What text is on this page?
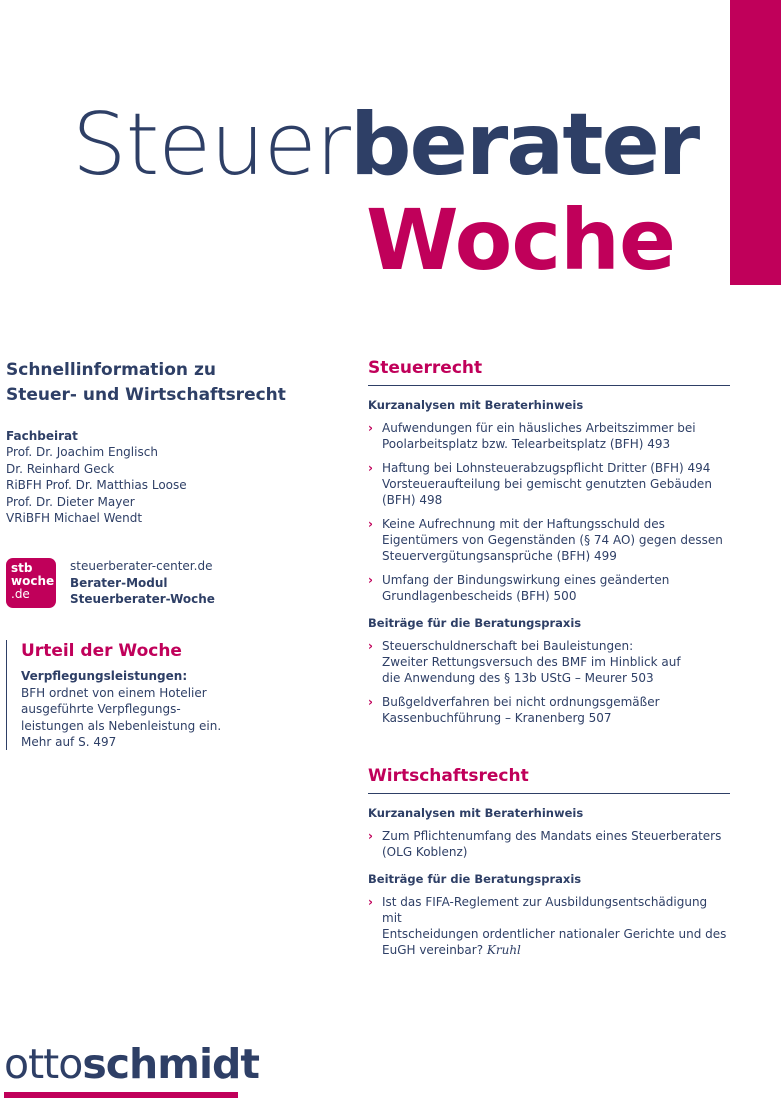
Steuerberater
Woche

Schnellinformation zu
Steuer- und Wirtschaftsrecht

Fachbeirat
Prof. Dr. Joachim Englisch
Dr. Reinhard Geck
RiBFH Prof. Dr. Matthias Loose
Prof. Dr. Dieter Mayer
VRiBFH Michael Wendt
stb
woche
.de
steuerberater-center.de
Berater-Modul
Steuerberater-Woche

Urteil der Woche

Verpflegungsleistungen:
BFH ordnet von einem Hotelier
ausgeführte Verpflegungs-
leistungen als Nebenleistung ein.
Mehr auf S. 497

Steuerrecht

Kurzanalysen mit Beraterhinweis
› Aufwendungen für ein häusliches Arbeitszimmer bei
Poolarbeitsplatz bzw. Telearbeitsplatz (BFH) 493
› Haftung bei Lohnsteuerabzugspflicht Dritter (BFH) 494
Vorsteueraufteilung bei gemischt genutzten Gebäuden
(BFH) 498
› Keine Aufrechnung mit der Haftungsschuld des
Eigentümers von Gegenständen (§ 74 AO) gegen dessen
Steuervergütungsansprüche (BFH) 499
› Umfang der Bindungswirkung eines geänderten
Grundlagenbescheids (BFH) 500
Beiträge für die Beratungspraxis
› Steuerschuldnerschaft bei Bauleistungen:
Zweiter Rettungsversuch des BMF im Hinblick auf
die Anwendung des § 13b UStG – Meurer 503
› Bußgeldverfahren bei nicht ordnungsgemäßer
Kassenbuchführung – Kranenberg 507

Wirtschaftsrecht

Kurzanalysen mit Beraterhinweis
› Zum Pflichtenumfang des Mandats eines Steuerberaters
(OLG Koblenz)
Beiträge für die Beratungspraxis
› Ist das FIFA-Reglement zur Ausbildungsentschädigung mit
Entscheidungen ordentlicher nationaler Gerichte und des
EuGH vereinbar? Kruhl
ottoschmidt
